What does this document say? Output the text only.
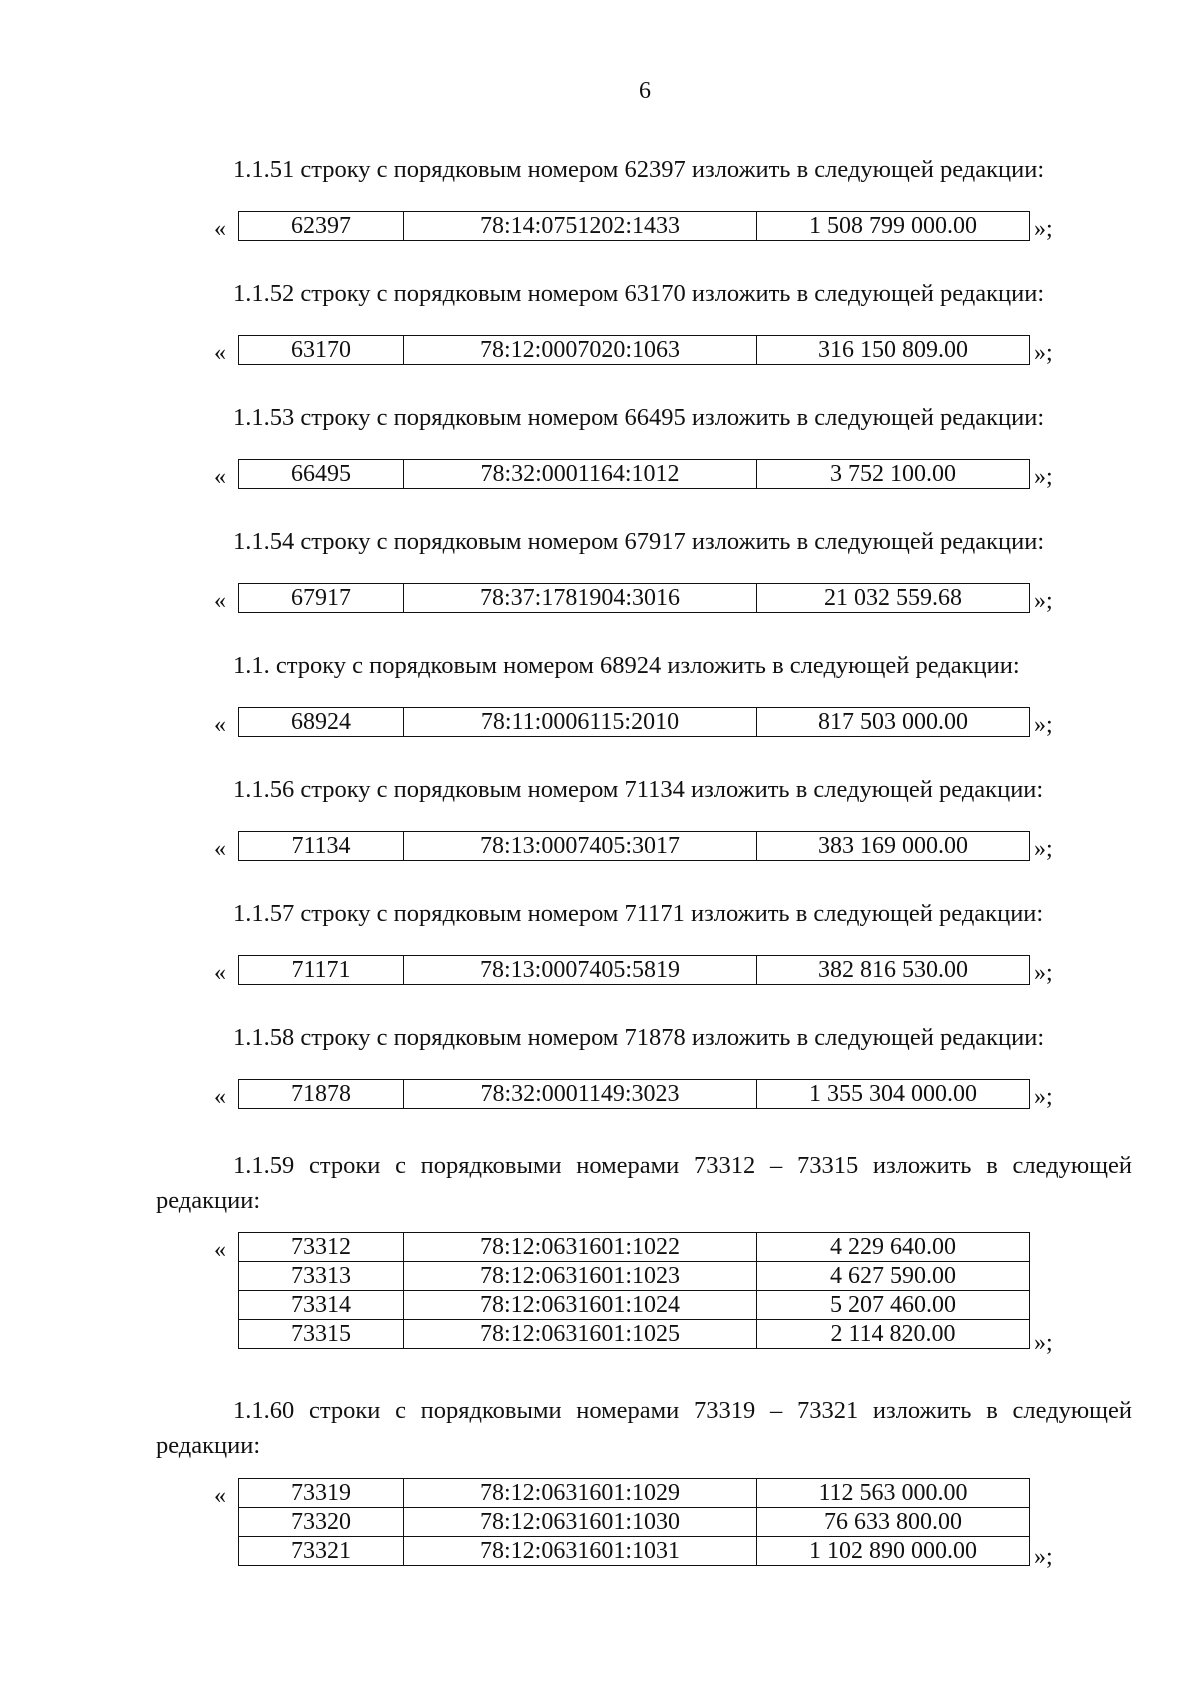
6
1.1.51 строку с порядковым номером 62397 изложить в следующей редакции:
«	62397	78:14:0751202:1433	1 508 799 000.00 »;
1.1.52 строку с порядковым номером 63170 изложить в следующей редакции:
«	63170	78:12:0007020:1063	316 150 809.00	»;
1.1.53 строку с порядковым номером 66495 изложить в следующей редакции:
«	66495	78:32:0001164:1012	3 752 100.00	»;
1.1.54 строку с порядковым номером 67917 изложить в следующей редакции:
«	67917	78:37:1781904:3016	21 032 559.68	»;
1.1. строку с порядковым номером 68924 изложить в следующей редакции:
«	68924	78:11:0006115:2010	817 503 000.00	»;
1.1.56 строку с порядковым номером 71134 изложить в следующей редакции:
«	71134	78:13:0007405:3017	383 169 000.00	»;
1.1.57 строку с порядковым номером 71171 изложить в следующей редакции:
«	71171	78:13:0007405:5819	382 816 530.00	»;
1.1.58 строку с порядковым номером 71878 изложить в следующей редакции:
«	71878	78:32:0001149:3023	1 355 304 000.00 »;
1.1.59 строки с порядковыми номерами 73312 – 73315 изложить в следующей редакции:
«	73312	78:12:0631601:1022	4 229 640.00
73313	78:12:0631601:1023	4 627 590.00
73314	78:12:0631601:1024	5 207 460.00
73315	78:12:0631601:1025	2 114 820.00	»;
1.1.60 строки с порядковыми номерами 73319 – 73321 изложить в следующей редакции:
«	73319	78:12:0631601:1029	112 563 000.00
73320	78:12:0631601:1030	76 633 800.00
73321	78:12:0631601:1031	1 102 890 000.00 »;
